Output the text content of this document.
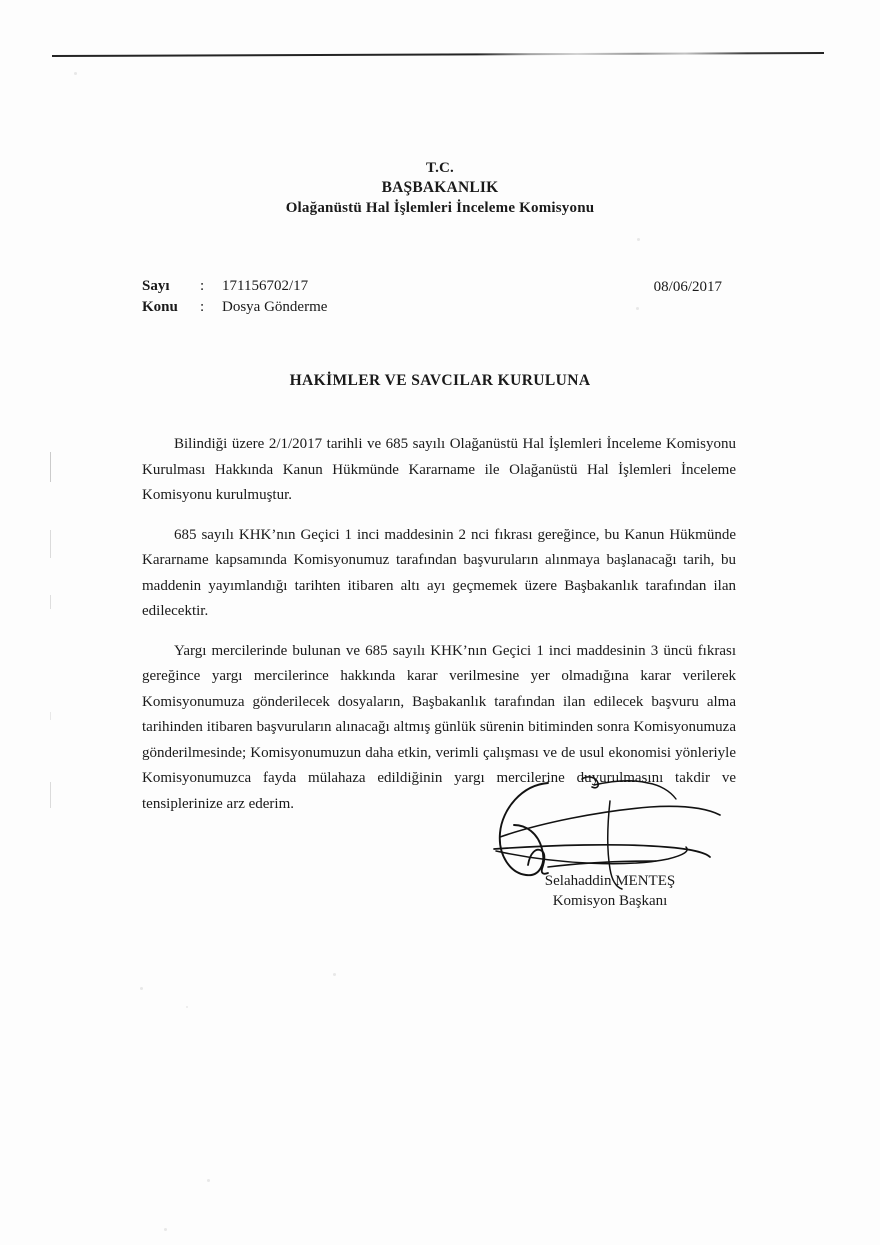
T.C.
BAŞBAKANLIK
Olağanüstü Hal İşlemleri İnceleme Komisyonu
Sayı	:	171156702/17
Konu	:	Dosya Gönderme
08/06/2017
HAKİMLER VE SAVCILAR KURULUNA

Bilindiği üzere 2/1/2017 tarihli ve 685 sayılı Olağanüstü Hal İşlemleri İnceleme Komisyonu Kurulması Hakkında Kanun Hükmünde Kararname ile Olağanüstü Hal İşlemleri İnceleme Komisyonu kurulmuştur.

685 sayılı KHK’nın Geçici 1 inci maddesinin 2 nci fıkrası gereğince, bu Kanun Hükmünde Kararname kapsamında Komisyonumuz tarafından başvuruların alınmaya başlanacağı tarih, bu maddenin yayımlandığı tarihten itibaren altı ayı geçmemek üzere Başbakanlık tarafından ilan edilecektir.

Yargı mercilerinde bulunan ve 685 sayılı KHK’nın Geçici 1 inci maddesinin 3 üncü fıkrası gereğince yargı mercilerince hakkında karar verilmesine yer olmadığına karar verilerek Komisyonumuza gönderilecek dosyaların, Başbakanlık tarafından ilan edilecek başvuru alma tarihinden itibaren başvuruların alınacağı altmış günlük sürenin bitiminden sonra Komisyonumuza gönderilmesinde; Komisyonumuzun daha etkin, verimli çalışması ve de usul ekonomisi yönleriyle Komisyonumuzca fayda mülahaza edildiğinin yargı mercilerine duyurulmasını takdir ve tensiplerinize arz ederim.

Selahaddin MENTEŞ
Komisyon Başkanı
